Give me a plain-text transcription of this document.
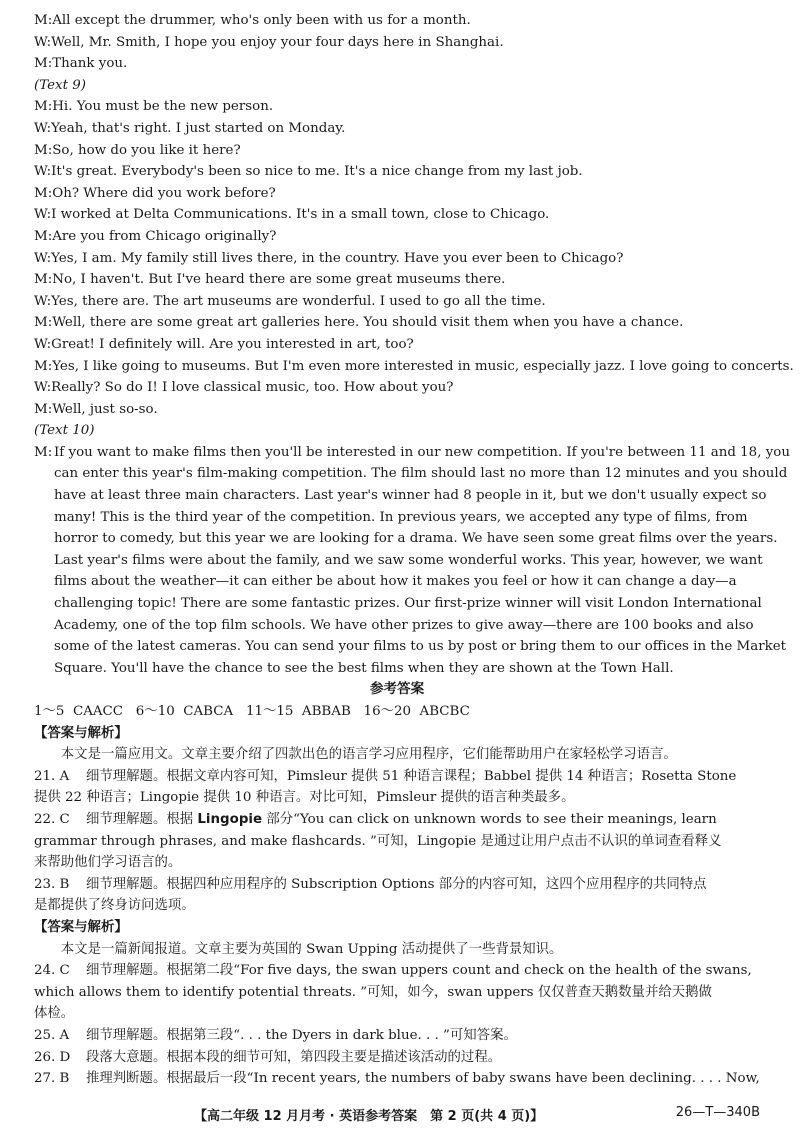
M:All except the drummer, who's only been with us for a month.
W:Well, Mr. Smith, I hope you enjoy your four days here in Shanghai.
M:Thank you.
(Text 9)
M:Hi. You must be the new person.
W:Yeah, that's right. I just started on Monday.
M:So, how do you like it here?
W:It's great. Everybody's been so nice to me. It's a nice change from my last job.
M:Oh? Where did you work before?
W:I worked at Delta Communications. It's in a small town, close to Chicago.
M:Are you from Chicago originally?
W:Yes, I am. My family still lives there, in the country. Have you ever been to Chicago?
M:No, I haven't. But I've heard there are some great museums there.
W:Yes, there are. The art museums are wonderful. I used to go all the time.
M:Well, there are some great art galleries here. You should visit them when you have a chance.
W:Great! I definitely will. Are you interested in art, too?
M:Yes, I like going to museums. But I'm even more interested in music, especially jazz. I love going to concerts.
W:Really? So do I! I love classical music, too. How about you?
M:Well, just so-so.
(Text 10)
M: If you want to make films then you'll be interested in our new competition. If you're between 11 and 18, you
can enter this year's film-making competition. The film should last no more than 12 minutes and you should
have at least three main characters. Last year's winner had 8 people in it, but we don't usually expect so
many! This is the third year of the competition. In previous years, we accepted any type of films, from
horror to comedy, but this year we are looking for a drama. We have seen some great films over the years.
Last year's films were about the family, and we saw some wonderful works. This year, however, we want
films about the weather—it can either be about how it makes you feel or how it can change a day—a
challenging topic! There are some fantastic prizes. Our first-prize winner will visit London International
Academy, one of the top film schools. We have other prizes to give away—there are 100 books and also
some of the latest cameras. You can send your films to us by post or bring them to our offices in the Market
Square. You'll have the chance to see the best films when they are shown at the Town Hall.
参考答案
1～5  CAACC   6～10  CABCA   11～15  ABBAB   16～20  ABCBC
【答案与解析】
本文是一篇应用文。文章主要介绍了四款出色的语言学习应用程序，它们能帮助用户在家轻松学习语言。
21. A	细节理解题。根据文章内容可知，Pimsleur 提供 51 种语言课程；Babbel 提供 14 种语言；Rosetta Stone
提供 22 种语言；Lingopie 提供 10 种语言。对比可知，Pimsleur 提供的语言种类最多。
22. C	细节理解题。根据 Lingopie 部分“You can click on unknown words to see their meanings, learn
grammar through phrases, and make flashcards. ”可知，Lingopie 是通过让用户点击不认识的单词查看释义
来帮助他们学习语言的。
23. B	细节理解题。根据四种应用程序的 Subscription Options 部分的内容可知，这四个应用程序的共同特点
是都提供了终身访问选项。
【答案与解析】
本文是一篇新闻报道。文章主要为英国的 Swan Upping 活动提供了一些背景知识。
24. C	细节理解题。根据第二段“For five days, the swan uppers count and check on the health of the swans,
which allows them to identify potential threats. ”可知，如今，swan uppers 仅仅普查天鹅数量并给天鹅做
体检。
25. A	细节理解题。根据第三段“. . . the Dyers in dark blue. . . ”可知答案。
26. D	段落大意题。根据本段的细节可知，第四段主要是描述该活动的过程。
27. B	推理判断题。根据最后一段“In recent years, the numbers of baby swans have been declining. . . . Now,
【高二年级 12 月月考 · 英语参考答案　第 2 页(共 4 页)】	26—T—340B
